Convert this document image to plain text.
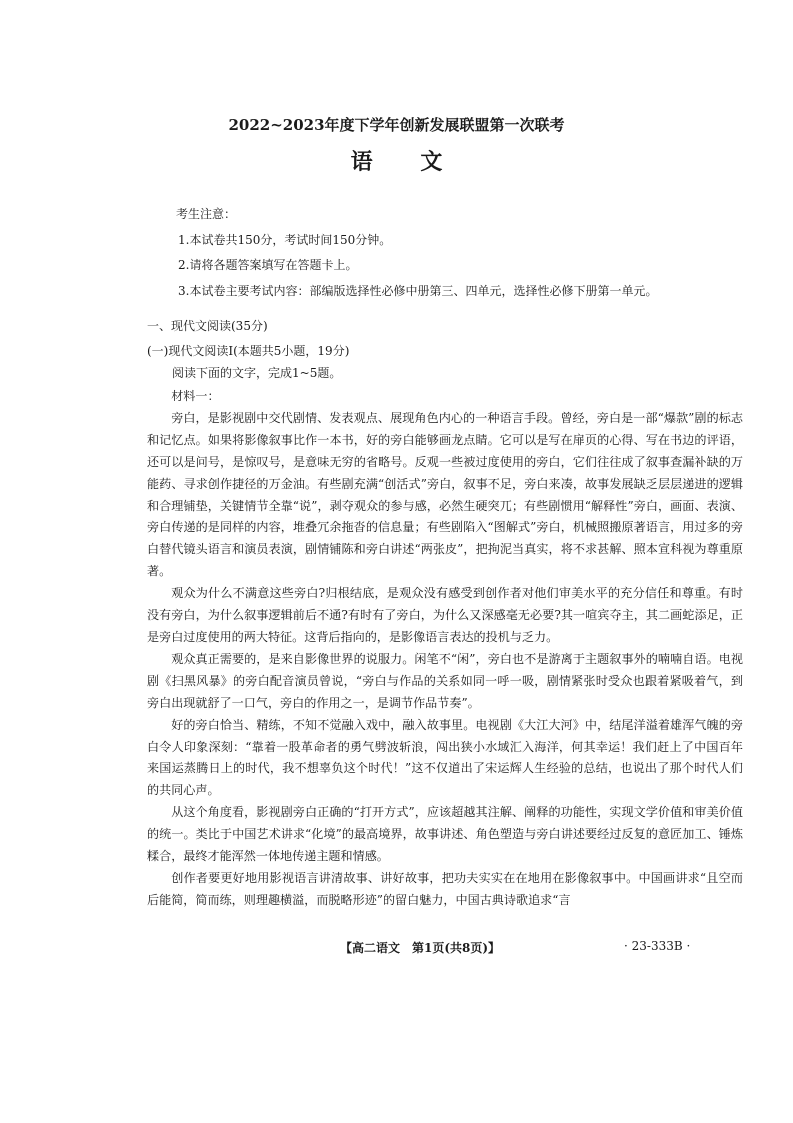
2022~2023年度下学年创新发展联盟第一次联考
语 文
考生注意：
1.本试卷共150分，考试时间150分钟。
2.请将各题答案填写在答题卡上。
3.本试卷主要考试内容：部编版选择性必修中册第三、四单元，选择性必修下册第一单元。
一、现代文阅读(35分)
(一)现代文阅读Ⅰ(本题共5小题，19分)
阅读下面的文字，完成1~5题。

材料一：

旁白，是影视剧中交代剧情、发表观点、展现角色内心的一种语言手段。曾经，旁白是一部“爆款”剧的标志和记忆点。如果将影像叙事比作一本书，好的旁白能够画龙点睛。它可以是写在扉页的心得、写在书边的评语，还可以是问号，是惊叹号，是意味无穷的省略号。反观一些被过度使用的旁白，它们往往成了叙事查漏补缺的万能药、寻求创作捷径的万金油。有些剧充满“创活式”旁白，叙事不足，旁白来凑，故事发展缺乏层层递进的逻辑和合理铺垫，关键情节全靠“说”，剥夺观众的参与感，必然生硬突兀；有些剧惯用“解释性”旁白，画面、表演、旁白传递的是同样的内容，堆叠冗余拖沓的信息量；有些剧陷入“图解式”旁白，机械照搬原著语言，用过多的旁白替代镜头语言和演员表演，剧情铺陈和旁白讲述“两张皮”，把拘泥当真实，将不求甚解、照本宣科视为尊重原著。

观众为什么不满意这些旁白?归根结底，是观众没有感受到创作者对他们审美水平的充分信任和尊重。有时没有旁白，为什么叙事逻辑前后不通?有时有了旁白，为什么又深感毫无必要?其一喧宾夺主，其二画蛇添足，正是旁白过度使用的两大特征。这背后指向的，是影像语言表达的投机与乏力。

观众真正需要的，是来自影像世界的说服力。闲笔不“闲”，旁白也不是游离于主题叙事外的喃喃自语。电视剧《扫黑风暴》的旁白配音演员曾说，“旁白与作品的关系如同一呼一吸，剧情紧张时受众也跟着紧吸着气，到旁白出现就舒了一口气，旁白的作用之一，是调节作品节奏”。

好的旁白恰当、精练，不知不觉融入戏中，融入故事里。电视剧《大江大河》中，结尾洋溢着雄浑气魄的旁白令人印象深刻：“靠着一股革命者的勇气劈波斩浪，闯出狭小水域汇入海洋，何其幸运！我们赶上了中国百年来国运蒸腾日上的时代，我不想辜负这个时代！”这不仅道出了宋运辉人生经验的总结，也说出了那个时代人们的共同心声。

从这个角度看，影视剧旁白正确的“打开方式”，应该超越其注解、阐释的功能性，实现文学价值和审美价值的统一。类比于中国艺术讲求“化境”的最高境界，故事讲述、角色塑造与旁白讲述要经过反复的意匠加工、锤炼糅合，最终才能浑然一体地传递主题和情感。

创作者要更好地用影视语言讲清故事、讲好故事，把功夫实实在在地用在影像叙事中。中国画讲求“且空而后能简，简而练，则理趣横溢，而脱略形迹”的留白魅力，中国古典诗歌追求“言

【高二语文　第1页(共8页)】	· 23-333B ·
